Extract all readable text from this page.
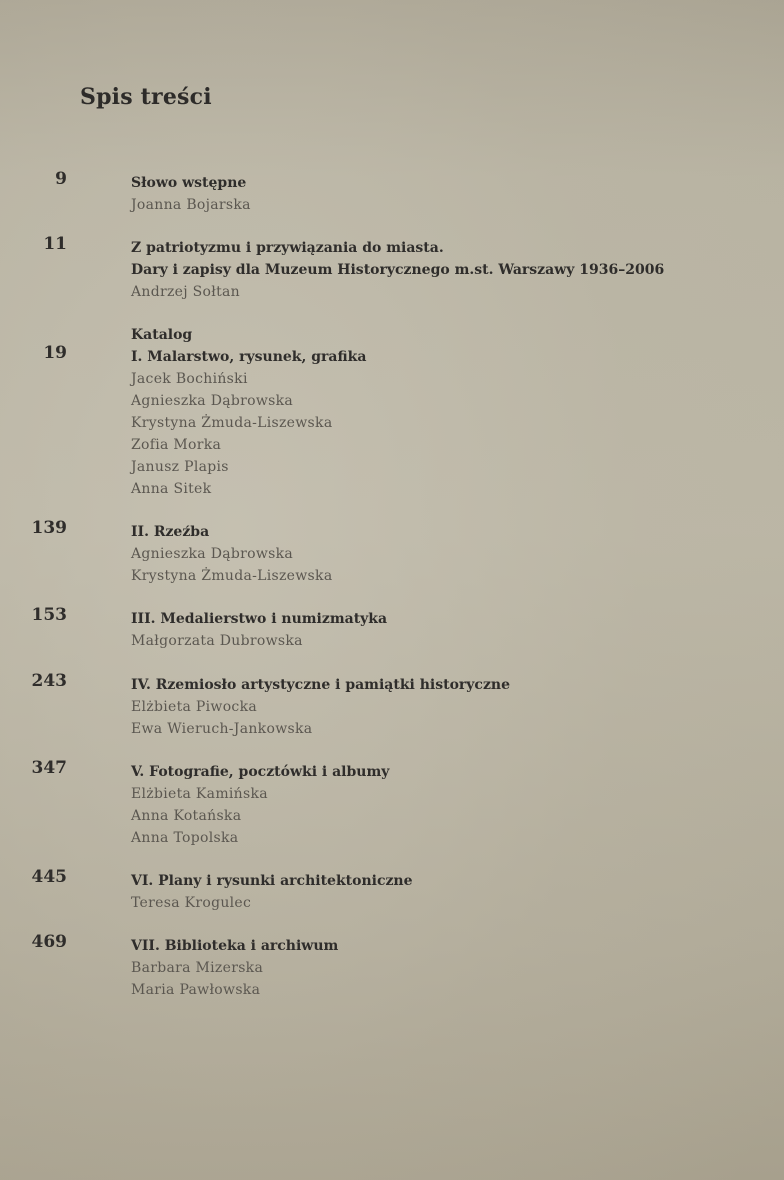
Spis treści
9	Słowo wstępne
Joanna Bojarska
11	Z patriotyzmu i przywiązania do miasta.
Dary i zapisy dla Muzeum Historycznego m.st. Warszawy 1936–2006
Andrzej Sołtan
Katalog
19	I. Malarstwo, rysunek, grafika
Jacek Bochiński
Agnieszka Dąbrowska
Krystyna Żmuda-Liszewska
Zofia Morka
Janusz Plapis
Anna Sitek
139	II. Rzeźba
Agnieszka Dąbrowska
Krystyna Żmuda-Liszewska
153	III. Medalierstwo i numizmatyka
Małgorzata Dubrowska
243	IV. Rzemiosło artystyczne i pamiątki historyczne
Elżbieta Piwocka
Ewa Wieruch-Jankowska
347	V. Fotografie, pocztówki i albumy
Elżbieta Kamińska
Anna Kotańska
Anna Topolska
445	VI. Plany i rysunki architektoniczne
Teresa Krogulec
469	VII. Biblioteka i archiwum
Barbara Mizerska
Maria Pawłowska
